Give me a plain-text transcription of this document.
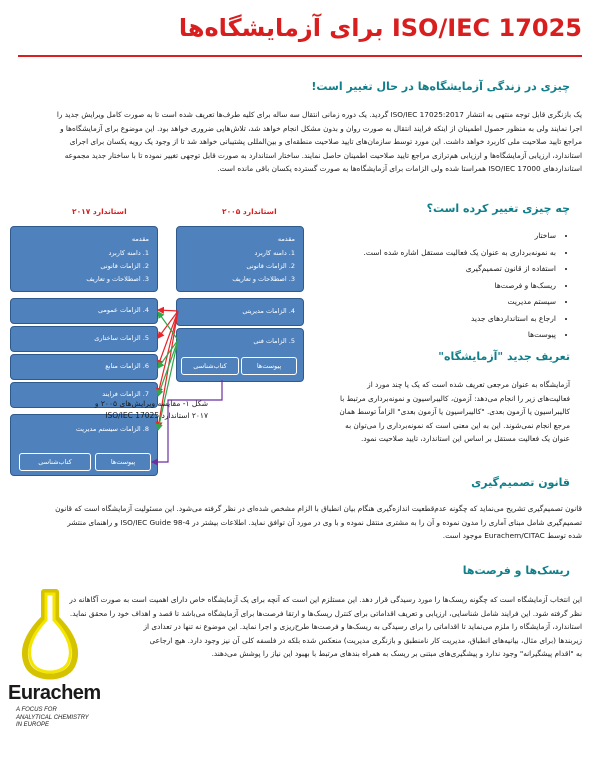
ISO/IEC 17025 برای آزمایشگاه‌ها
چیزی در زندگی آزمایشگاه‌ها در حال تغییر است!
یک بازنگری قابل توجه منتهی به انتشار ISO/IEC 17025:2017 گردید. یک دوره زمانی انتقال سه ساله برای کلیه طرف‌ها تعریف شده است تا به صورت کامل ویرایش جدید را
اجرا نمایند ولی به منظور حصول اطمینان از اینکه فرایند انتقال به صورت روان و بدون مشکل انجام خواهد شد، تلاش‌هایی ضروری خواهد بود. این موضوع برای آزمایشگاه‌ها و
مراجع تایید صلاحیت ملی کاربرد خواهد داشت. این مورد توسط سازمان‌های تایید صلاحیت منطقه‌ای و بین‌المللی پشتیبانی خواهد شد تا از وجود یک رویه یکسان برای اجرای
استاندارد، ارزیابی آزمایشگاه‌ها و ارزیابی هم‌ترازی مراجع تایید صلاحیت اطمینان حاصل نمایند. ساختار استاندارد به صورت قابل توجهی تغییر نموده تا با ساختار جدید مجموعه
استانداردهای ISO/IEC 17000 همراستا شده ولی الزامات برای آزمایشگاه‌ها به صورت گسترده یکسان باقی مانده است.
استاندارد ۲۰۱۷	استاندارد ۲۰۰۵
مقدمه
1. دامنه کاربرد
2. الزامات قانونی
3. اصطلاحات و تعاریف
مقدمه
1. دامنه کاربرد
2. الزامات قانونی
3. اصطلاحات و تعاریف
4. الزامات عمومی
5. الزامات ساختاری
6. الزامات منابع
7. الزامات فرایند
8. الزامات سیستم مدیریت
پیوست‌ها
کتاب‌شناسی
4. الزامات مدیریتی
5. الزامات فنی
پیوست‌ها
کتاب‌شناسی
شکل ۱- مقایسه ویرایش‌های ۲۰۰۵ و
۲۰۱۷ استاندارد ISO/IEC 17025
چه چیزی تغییر کرده است؟
• ساختار
• به نمونه‌برداری به عنوان یک فعالیت مستقل اشاره شده است.
• استفاده از قانون تصمیم‌گیری
• ریسک‌ها و فرصت‌ها
• سیستم مدیریت
• ارجاع به استانداردهای جدید
• پیوست‌ها
تعریف جدید "آزمایشگاه"
آزمایشگاه به عنوان مرجعی تعریف شده است که یک یا چند مورد از
فعالیت‌های زیر را انجام می‌دهد: آزمون، کالیبراسیون و نمونه‌برداری مرتبط با
کالیبراسیون یا آزمون بعدی. "کالیبراسیون یا آزمون بعدی" الزاماً توسط همان
مرجع انجام نمی‌شوند. این به این معنی است که نمونه‌برداری را می‌توان به
عنوان یک فعالیت مستقل بر اساس این استاندارد، تایید صلاحیت نمود.
قانون تصمیم‌گیری
قانون تصمیم‌گیری تشریح می‌نماید که چگونه عدم‌قطعیت اندازه‌گیری هنگام بیان انطباق با الزام مشخص شده‌ای در نظر گرفته می‌شود. این مسئولیت آزمایشگاه است که قانون
تصمیم‌گیری شامل مبنای آماری را مدون نموده و آن را به مشتری منتقل نموده و با وی در مورد آن توافق نماید. اطلاعات بیشتر در ISO/IEC Guide 98-4 و راهنمای منتشر
شده توسط Eurachem/CITAC موجود است.
ریسک‌ها و فرصت‌ها
این انتخاب آزمایشگاه است که چگونه ریسک‌ها را مورد رسیدگی قرار دهد. این مستلزم این است که آنچه برای یک آزمایشگاه خاص دارای اهمیت است به صورت آگاهانه در
نظر گرفته شود. این فرایند شامل شناسایی، ارزیابی و تعریف اقداماتی برای کنترل ریسک‌ها و ارتقا فرصت‌ها برای آزمایشگاه می‌باشد تا قصد و اهداف خود را محقق نماید.
استاندارد، آزمایشگاه را ملزم می‌نماید تا اقداماتی را برای رسیدگی به ریسک‌ها و فرصت‌ها طرح‌ریزی و اجرا نماید. این موضوع نه تنها در تعدادی از
زیربندها (برای مثال، بیانیه‌های انطباق، مدیریت کار نامنطبق و بازنگری مدیریت) منعکس شده بلکه در فلسفه کلی آن نیز وجود دارد. هیچ ارجاعی
به "اقدام پیشگیرانه" وجود ندارد و پیشگیری‌های مبتنی بر ریسک به همراه بندهای مرتبط با بهبود این نیاز را پوشش می‌دهند.
Eurachem
A FOCUS FOR
ANALYTICAL CHEMISTRY
IN EUROPE
